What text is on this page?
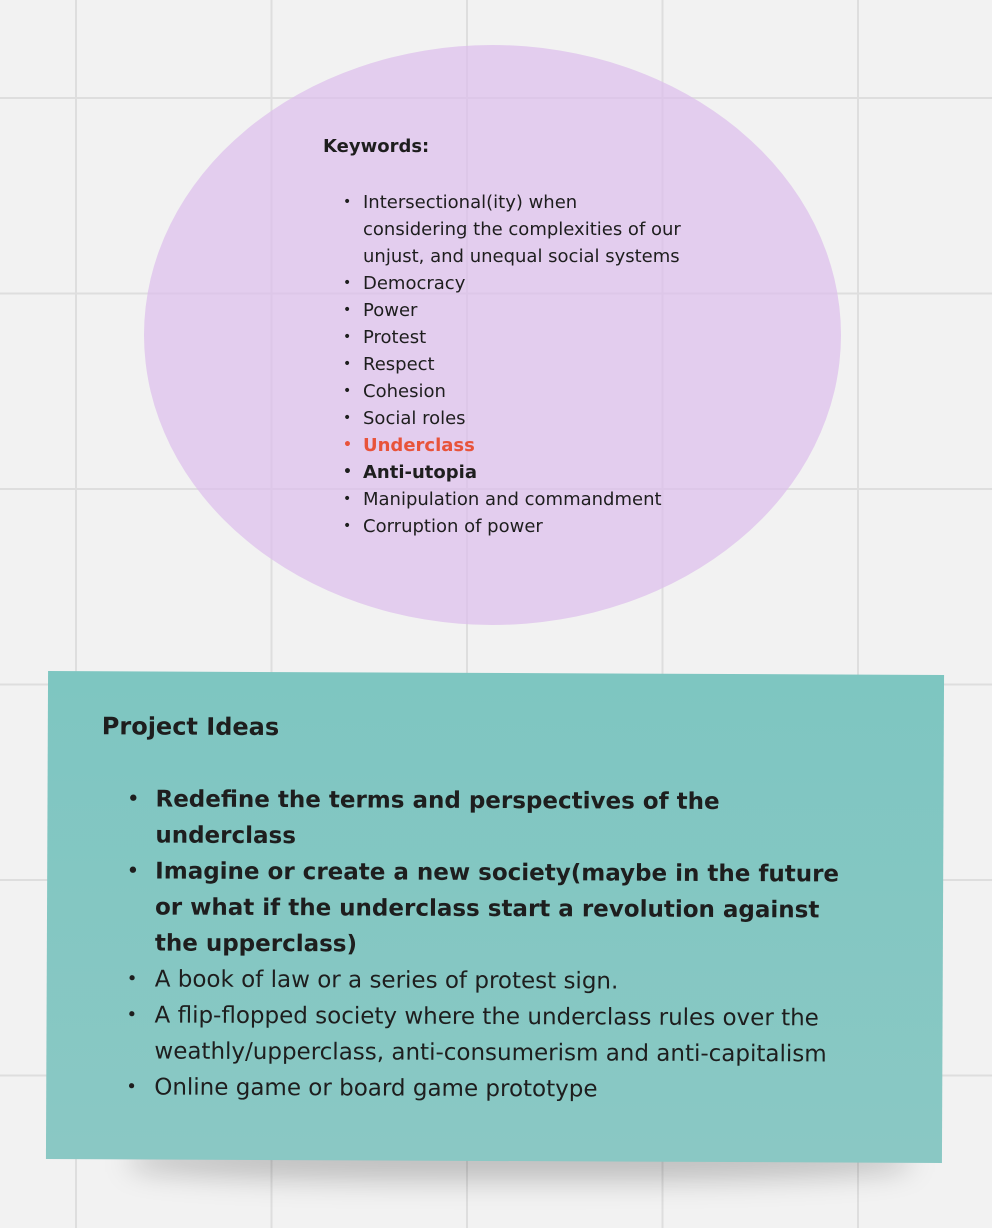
Keywords:
• Intersectional(ity) when considering the complexities of our unjust, and unequal social systems
• Democracy
• Power
• Protest
• Respect
• Cohesion
• Social roles
• Underclass
• Anti-utopia
• Manipulation and commandment
• Corruption of power
Project Ideas
• Redefine the terms and perspectives of the underclass
• Imagine or create a new society(maybe in the future or what if the underclass start a revolution against the upperclass)
• A book of law or a series of protest sign.
• A flip-flopped society where the underclass rules over the weathly/upperclass, anti-consumerism and anti-capitalism
• Online game or board game prototype
